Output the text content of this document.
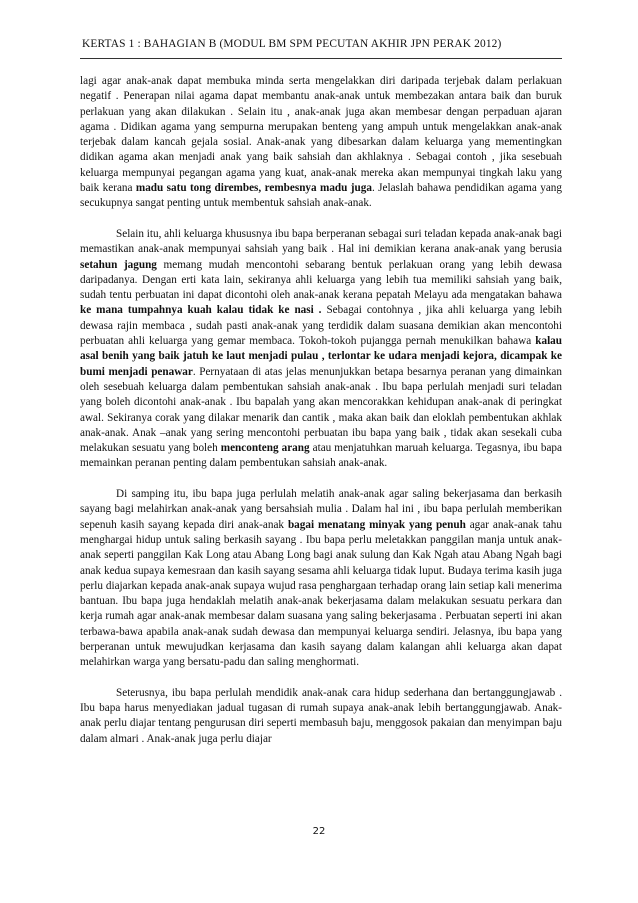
KERTAS 1 : BAHAGIAN B (MODUL BM SPM PECUTAN AKHIR JPN PERAK 2012)

lagi agar anak-anak dapat membuka minda serta mengelakkan diri daripada terjebak dalam perlakuan negatif . Penerapan nilai agama dapat membantu anak-anak untuk membezakan antara baik dan buruk perlakuan yang akan dilakukan . Selain itu , anak-anak juga akan membesar dengan perpaduan ajaran agama . Didikan agama yang sempurna merupakan benteng yang ampuh untuk mengelakkan anak-anak terjebak dalam kancah gejala sosial. Anak-anak yang dibesarkan dalam keluarga yang mementingkan didikan agama akan menjadi anak yang baik sahsiah dan akhlaknya . Sebagai contoh , jika sesebuah keluarga mempunyai pegangan agama yang kuat, anak-anak mereka akan mempunyai tingkah laku yang baik kerana madu satu tong dirembes, rembesnya madu juga. Jelaslah bahawa pendidikan agama yang secukupnya sangat penting untuk membentuk sahsiah anak-anak.

Selain itu, ahli keluarga khususnya ibu bapa berperanan sebagai suri teladan kepada anak-anak bagi memastikan anak-anak mempunyai sahsiah yang baik . Hal ini demikian kerana anak-anak yang berusia setahun jagung memang mudah mencontohi sebarang bentuk perlakuan orang yang lebih dewasa daripadanya. Dengan erti kata lain, sekiranya ahli keluarga yang lebih tua memiliki sahsiah yang baik, sudah tentu perbuatan ini dapat dicontohi oleh anak-anak kerana pepatah Melayu ada mengatakan bahawa ke mana tumpahnya kuah kalau tidak ke nasi . Sebagai contohnya , jika ahli keluarga yang lebih dewasa rajin membaca , sudah pasti anak-anak yang terdidik dalam suasana demikian akan mencontohi perbuatan ahli keluarga yang gemar membaca. Tokoh-tokoh pujangga pernah menukilkan bahawa kalau asal benih yang baik jatuh ke laut menjadi pulau , terlontar ke udara menjadi kejora, dicampak ke bumi menjadi penawar. Pernyataan di atas jelas menunjukkan betapa besarnya peranan yang dimainkan oleh sesebuah keluarga dalam pembentukan sahsiah anak-anak . Ibu bapa perlulah menjadi suri teladan yang boleh dicontohi anak-anak . Ibu bapalah yang akan mencorakkan kehidupan anak-anak di peringkat awal. Sekiranya corak yang dilakar menarik dan cantik , maka akan baik dan eloklah pembentukan akhlak anak-anak. Anak –anak yang sering mencontohi perbuatan ibu bapa yang baik , tidak akan sesekali cuba melakukan sesuatu yang boleh menconteng arang atau menjatuhkan maruah keluarga. Tegasnya, ibu bapa memainkan peranan penting dalam pembentukan sahsiah anak-anak.

Di samping itu, ibu bapa juga perlulah melatih anak-anak agar saling bekerjasama dan berkasih sayang bagi melahirkan anak-anak yang bersahsiah mulia . Dalam hal ini , ibu bapa perlulah memberikan sepenuh kasih sayang kepada diri anak-anak bagai menatang minyak yang penuh agar anak-anak tahu menghargai hidup untuk saling berkasih sayang . Ibu bapa perlu meletakkan panggilan manja untuk anak-anak seperti panggilan Kak Long atau Abang Long bagi anak sulung dan Kak Ngah atau Abang Ngah bagi anak kedua supaya kemesraan dan kasih sayang sesama ahli keluarga tidak luput. Budaya terima kasih juga perlu diajarkan kepada anak-anak supaya wujud rasa penghargaan terhadap orang lain setiap kali menerima bantuan. Ibu bapa juga hendaklah melatih anak-anak bekerjasama dalam melakukan sesuatu perkara dan kerja rumah agar anak-anak membesar dalam suasana yang saling bekerjasama . Perbuatan seperti ini akan terbawa-bawa apabila anak-anak sudah dewasa dan mempunyai keluarga sendiri. Jelasnya, ibu bapa yang berperanan untuk mewujudkan kerjasama dan kasih sayang dalam kalangan ahli keluarga akan dapat melahirkan warga yang bersatu-padu dan saling menghormati.

Seterusnya, ibu bapa perlulah mendidik anak-anak cara hidup sederhana dan bertanggungjawab . Ibu bapa harus menyediakan jadual tugasan di rumah supaya anak-anak lebih bertanggungjawab. Anak-anak perlu diajar tentang pengurusan diri seperti membasuh baju, menggosok pakaian dan menyimpan baju dalam almari . Anak-anak juga perlu diajar

22
